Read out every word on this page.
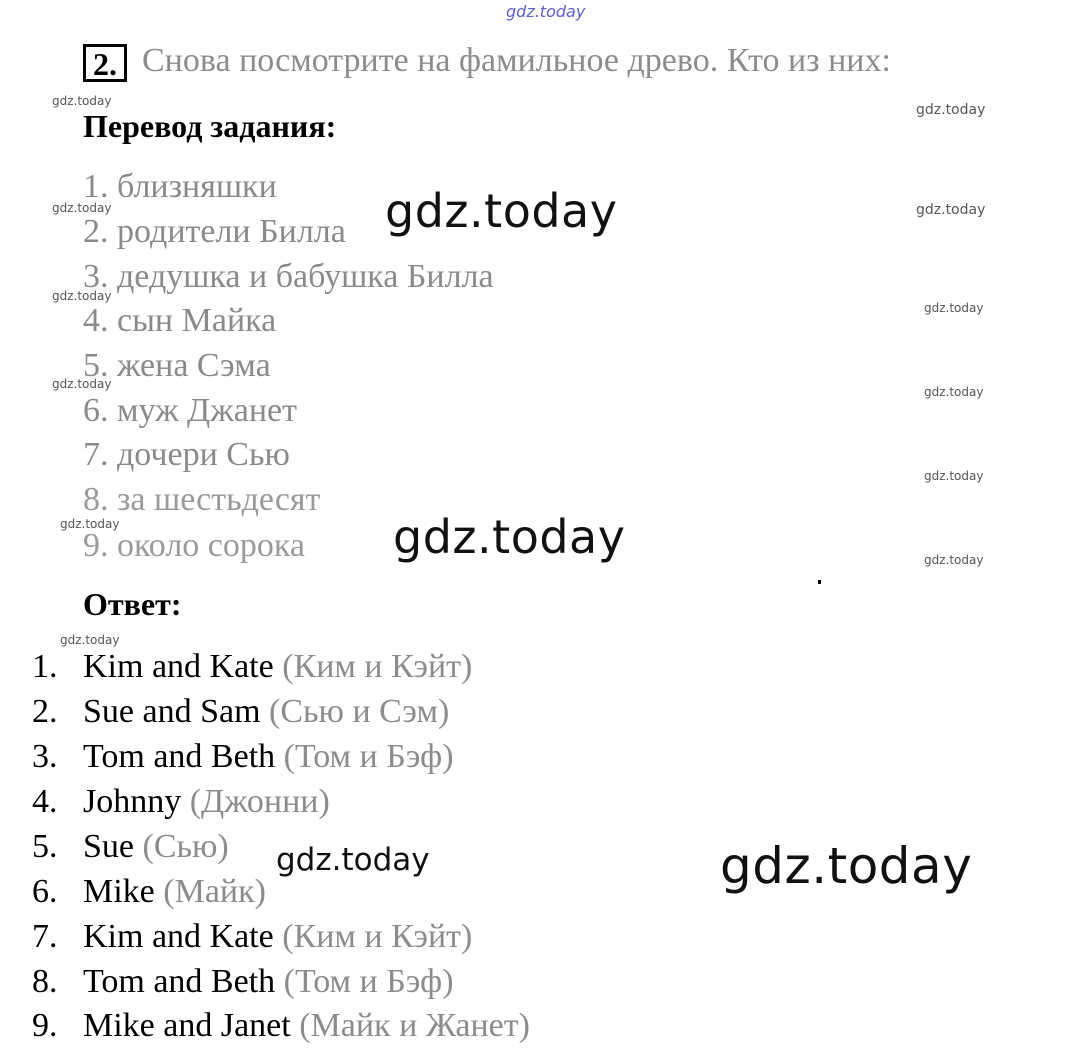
gdz.today
2. Снова посмотрите на фамильное древо. Кто из них:
Перевод задания:
1. близняшки
2. родители Билла
3. дедушка и бабушка Билла
4. сын Майка
5. жена Сэма
6. муж Джанет
7. дочери Сью
8. за шестьдесят
9. около сорока
Ответ:
1. Kim and Kate (Ким и Кэйт)
2. Sue and Sam (Сью и Сэм)
3. Tom and Beth (Том и Бэф)
4. Johnny (Джонни)
5. Sue (Сью)
6. Mike (Майк)
7. Kim and Kate (Ким и Кэйт)
8. Tom and Beth (Том и Бэф)
9. Mike and Janet (Майк и Жанет)
gdz.today
gdz.today
gdz.today
gdz.today
gdz.today
gdz.today
gdz.today
gdz.today
gdz.today
gdz.today
gdz.today
gdz.today
gdz.today
gdz.today
gdz.today
gdz.today
